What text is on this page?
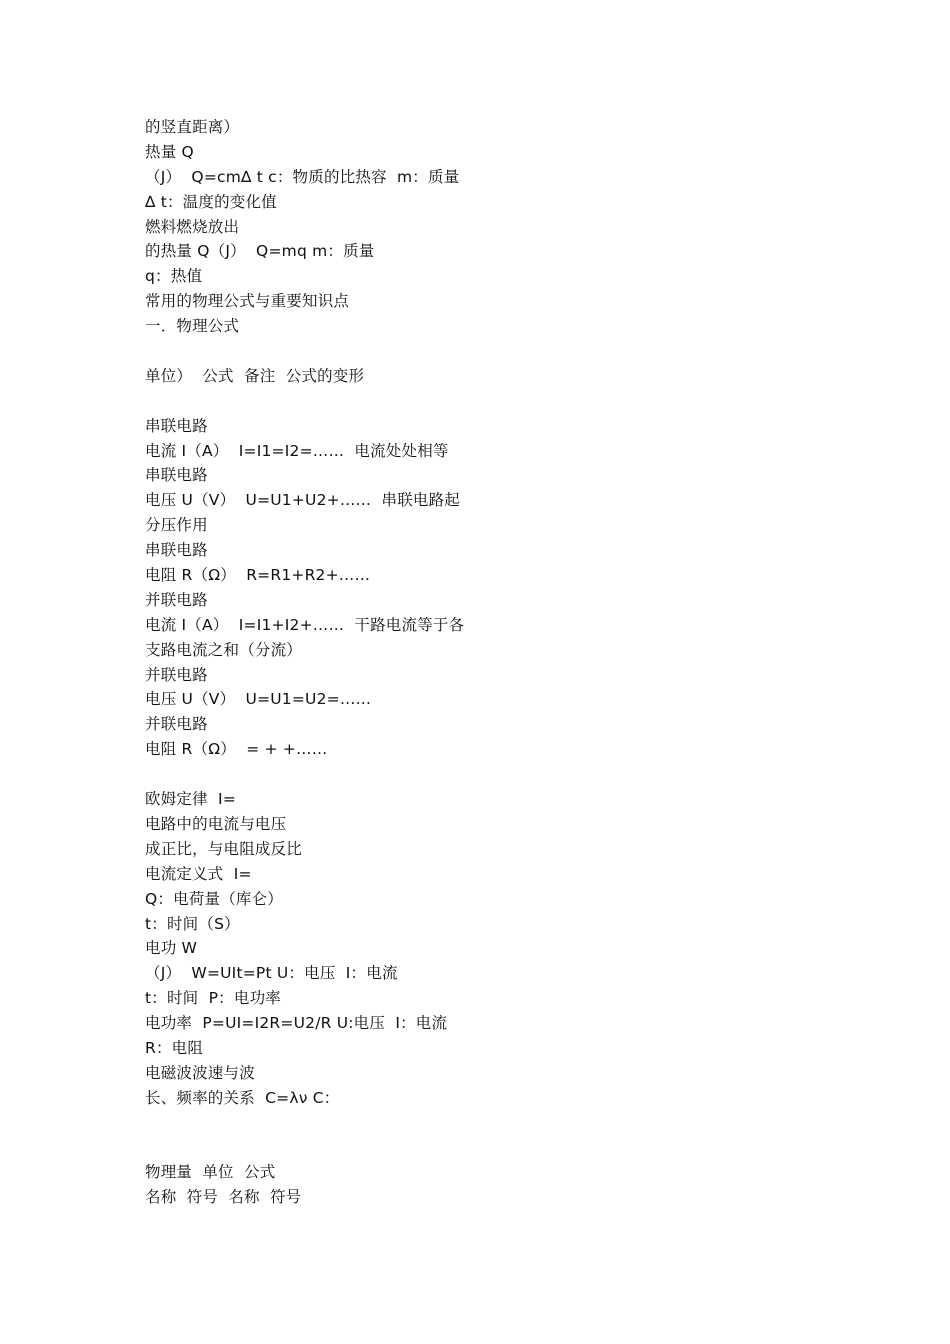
的竖直距离）
热量 Q
（J）  Q=cm∆ t c：物质的比热容  m：质量
∆ t：温度的变化值
燃料燃烧放出
的热量 Q（J）  Q=mq m：质量
q：热值
常用的物理公式与重要知识点
一．物理公式
单位）  公式  备注  公式的变形
串联电路
电流 I（A）  I=I1=I2=……  电流处处相等
串联电路
电压 U（V）  U=U1+U2+……  串联电路起
分压作用
串联电路
电阻 R（Ω）  R=R1+R2+……
并联电路
电流 I（A）  I=I1+I2+……  干路电流等于各
支路电流之和（分流）
并联电路
电压 U（V）  U=U1=U2=……
并联电路
电阻 R（Ω）  = + +……
欧姆定律  I=
电路中的电流与电压
成正比，与电阻成反比
电流定义式  I=
Q：电荷量（库仑）
t：时间（S）
电功 W
（J）  W=UIt=Pt U：电压  I：电流
t：时间  P：电功率
电功率  P=UI=I2R=U2/R U:电压  I：电流
R：电阻
电磁波波速与波
长、频率的关系  C=λν C：
物理量  单位  公式
名称  符号  名称  符号
